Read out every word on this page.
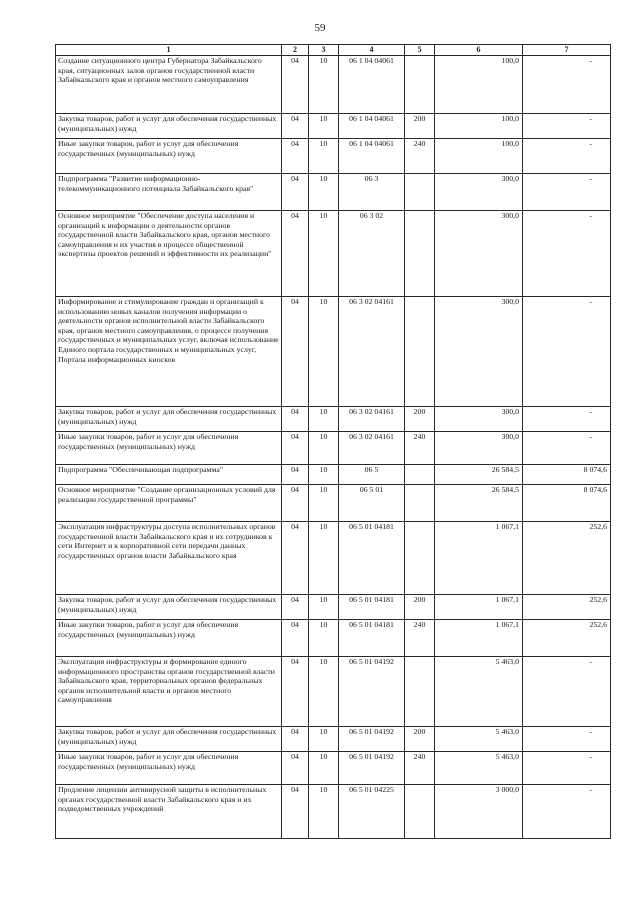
59
1	2	3	4	5	6	7
Создание ситуационного центра Губернатора Забайкальского края, ситуационных залов органов государственной власти Забайкальского края и органов местного самоуправления	04	10	06 1 04 04061		100,0	-
Закупка товаров, работ и услуг для обеспечения государственных (муниципальных) нужд	04	10	06 1 04 04061	200	100,0	-
Иные закупки товаров, работ и услуг для обеспечения государственных (муниципальных) нужд	04	10	06 1 04 04061	240	100,0	-
Подпрограмма "Развитие информационно-телекоммуникационного потенциала Забайкальского края"	04	10	06 3		300,0	-
Основное мероприятие "Обеспечение доступа населения и организаций к информации о деятельности органов государственной власти Забайкальского края, органов местного самоуправления и их участия в процессе общественной экспертизы проектов решений и эффективности их реализации"	04	10	06 3 02		300,0	-
Информирование и стимулирование граждан и организаций к использованию новых каналов получения информации о деятельности органов исполнительной власти Забайкальского края, органов местного самоуправления, о процессе получения государственных и муниципальных услуг, включая использование Единого портала государственных и муниципальных услуг, Портала информационных киосков	04	10	06 3 02 04161		300,0	-
Закупка товаров, работ и услуг для обеспечения государственных (муниципальных) нужд	04	10	06 3 02 04161	200	300,0	-
Иные закупки товаров, работ и услуг для обеспечения государственных (муниципальных) нужд	04	10	06 3 02 04161	240	300,0	-
Подпрограмма "Обеспечивающая подпрограмма"	04	10	06 5		26 584,5	8 074,6
Основное мероприятие "Создание организационных условий для реализации государственной программы"	04	10	06 5 01		26 584,5	8 074,6
Эксплуатация инфраструктуры доступа исполнительных органов государственной власти Забайкальского края и их сотрудников к сети Интернет и к корпоративной сети передачи данных государственных органов власти Забайкальского края	04	10	06 5 01 04181		1 067,1	252,6
Закупка товаров, работ и услуг для обеспечения государственных (муниципальных) нужд	04	10	06 5 01 04181	200	1 067,1	252,6
Иные закупки товаров, работ и услуг для обеспечения государственных (муниципальных) нужд	04	10	06 5 01 04181	240	1 067,1	252,6
Эксплуатация инфраструктуры и формирование единого информационного пространства органов государственной власти Забайкальского края, территориальных органов федеральных органов исполнительной власти и органов местного самоуправления	04	10	06 5 01 04192		5 463,0	-
Закупка товаров, работ и услуг для обеспечения государственных (муниципальных) нужд	04	10	06 5 01 04192	200	5 463,0	-
Иные закупки товаров, работ и услуг для обеспечения государственных (муниципальных) нужд	04	10	06 5 01 04192	240	5 463,0	-
Продление лицензии антивирусной защиты в исполнительных органах государственной власти Забайкальского края и их подведомственных учреждений	04	10	06 5 01 04225		3 000,0	-
